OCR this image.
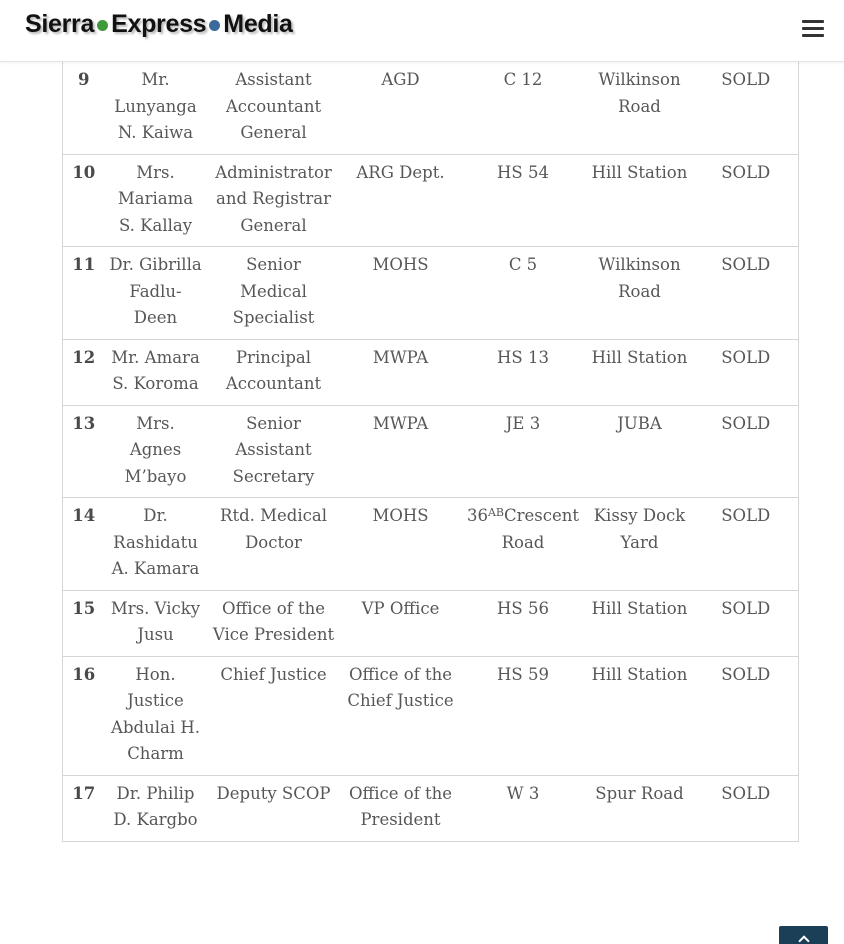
Sierra Express Media
9	Mr. Lunyanga N. Kaiwa	Assistant Accountant General	AGD	C 12	Wilkinson Road	SOLD
10	Mrs. Mariama S. Kallay	Administrator and Registrar General	ARG Dept.	HS 54	Hill Station	SOLD
11	Dr. Gibrilla Fadlu-Deen	Senior Medical Specialist	MOHS	C 5	Wilkinson Road	SOLD
12	Mr. Amara S. Koroma	Principal Accountant	MWPA	HS 13	Hill Station	SOLD
13	Mrs. Agnes M’bayo	Senior Assistant Secretary	MWPA	JE 3	JUBA	SOLD
14	Dr. Rashidatu A. Kamara	Rtd. Medical Doctor	MOHS	$36^{AB}Crescent$ Road	Kissy Dock Yard	SOLD
15	Mrs. Vicky Jusu	Office of the Vice President	VP Office	HS 56	Hill Station	SOLD
16	Hon. Justice Abdulai H. Charm	Chief Justice	Office of the Chief Justice	HS 59	Hill Station	SOLD
17	Dr. Philip D. Kargbo	Deputy SCOP	Office of the President	W 3	Spur Road	SOLD
